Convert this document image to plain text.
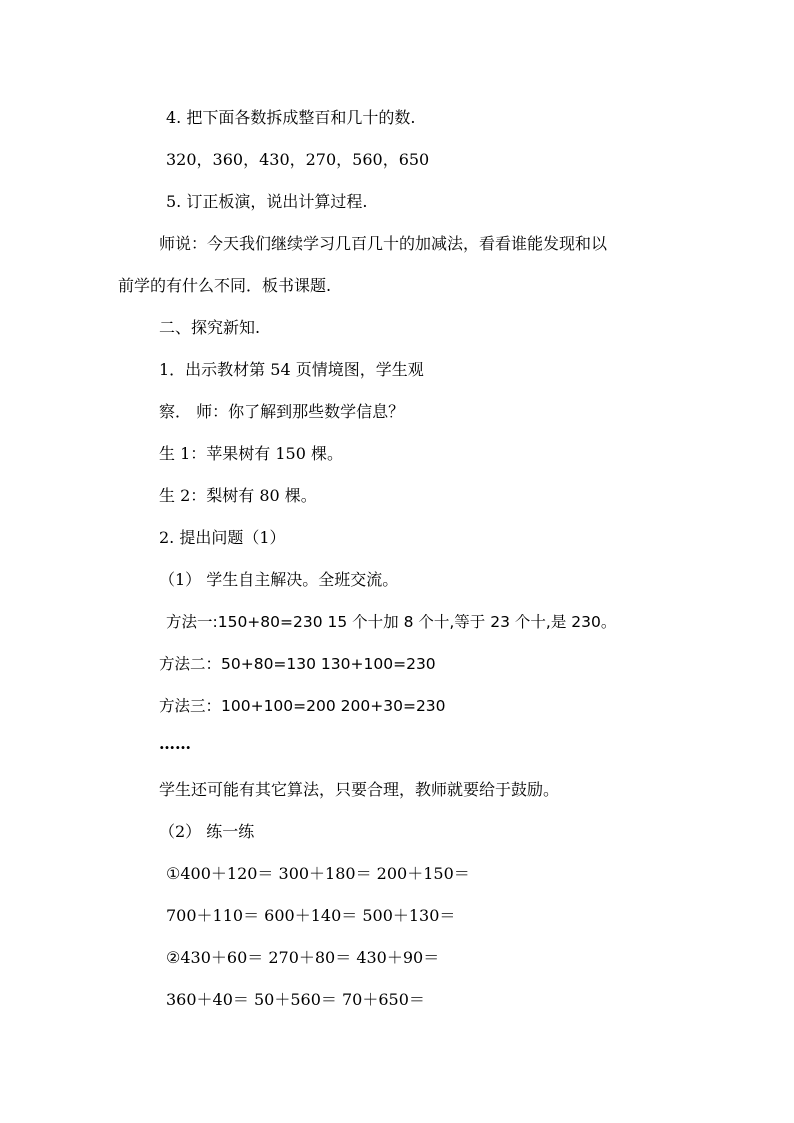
4. 把下面各数拆成整百和几十的数.
320，360，430，270，560，650
5. 订正板演，说出计算过程.
师说：今天我们继续学习几百几十的加减法，看看谁能发现和以
前学的有什么不同．板书课题.
二、探究新知.
1．出示教材第 54 页情境图，学生观
察． 师：你了解到那些数学信息？
生 1：苹果树有 150 棵。
生 2：梨树有 80 棵。
2. 提出问题（1）
（1） 学生自主解决。全班交流。
方法一:150+80=230 15 个十加 8 个十,等于 23 个十,是 230。
方法二：50+80=130 130+100=230
方法三：100+100=200 200+30=230
……
学生还可能有其它算法，只要合理，教师就要给于鼓励。
（2） 练一练
①400＋120＝ 300＋180＝ 200＋150＝
700＋110＝ 600＋140＝ 500＋130＝
②430＋60＝ 270＋80＝ 430＋90＝
360＋40＝ 50＋560＝ 70＋650＝
